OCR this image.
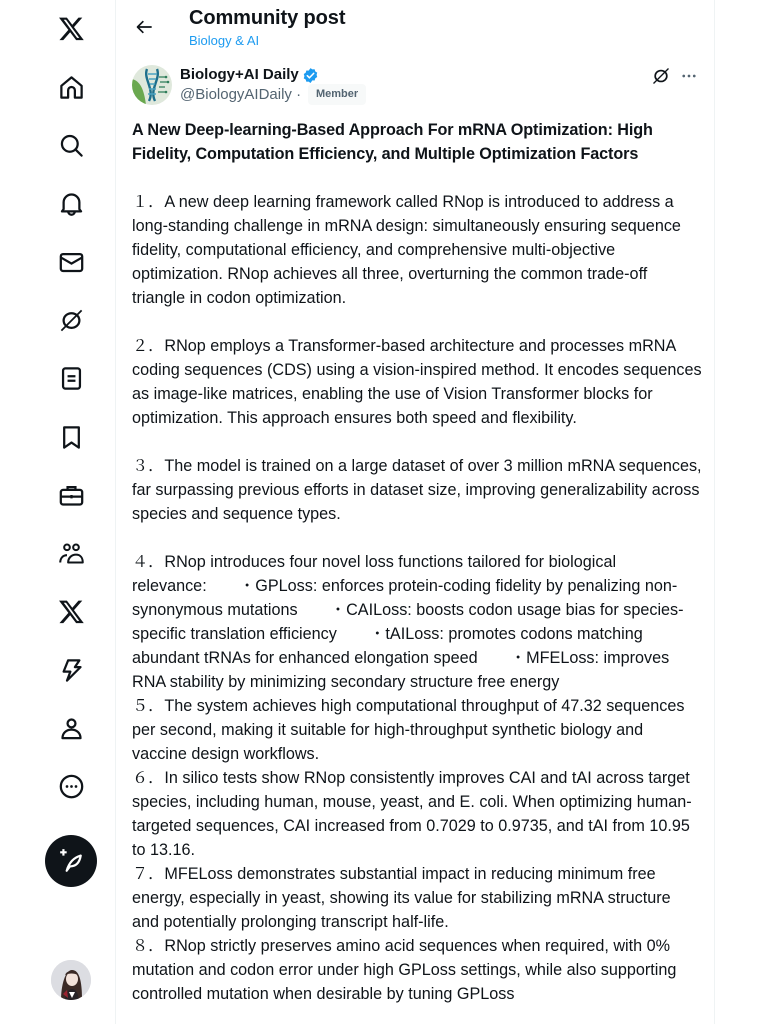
Community post
Biology & AI
Biology+AI Daily
@BiologyAIDaily ·	Member
A New Deep-learning-Based Approach For mRNA Optimization: High Fidelity, Computation Efficiency, and Multiple Optimization Factors

１．A new deep learning framework called RNop is introduced to address a long-standing challenge in mRNA design: simultaneously ensuring sequence fidelity, computational efficiency, and comprehensive multi-objective optimization. RNop achieves all three, overturning the common trade-off triangle in codon optimization.

２．RNop employs a Transformer-based architecture and processes mRNA coding sequences (CDS) using a vision-inspired method. It encodes sequences as image-like matrices, enabling the use of Vision Transformer blocks for optimization. This approach ensures both speed and flexibility.

３．The model is trained on a large dataset of over 3 million mRNA sequences, far surpassing previous efforts in dataset size, improving generalizability across species and sequence types.

４．RNop introduces four novel loss functions tailored for biological relevance:　　・GPLoss: enforces protein-coding fidelity by penalizing non-synonymous mutations　　・CAILoss: boosts codon usage bias for species-specific translation efficiency　　・tAILoss: promotes codons matching abundant tRNAs for enhanced elongation speed　　・MFELoss: improves RNA stability by minimizing secondary structure free energy
５．The system achieves high computational throughput of 47.32 sequences per second, making it suitable for high-throughput synthetic biology and vaccine design workflows.
６．In silico tests show RNop consistently improves CAI and tAI across target species, including human, mouse, yeast, and E. coli. When optimizing human-targeted sequences, CAI increased from 0.7029 to 0.9735, and tAI from 10.95 to 13.16.
７．MFELoss demonstrates substantial impact in reducing minimum free energy, especially in yeast, showing its value for stabilizing mRNA structure and potentially prolonging transcript half-life.
８．RNop strictly preserves amino acid sequences when required, with 0% mutation and codon error under high GPLoss settings, while also supporting controlled mutation when desirable by tuning GPLoss
